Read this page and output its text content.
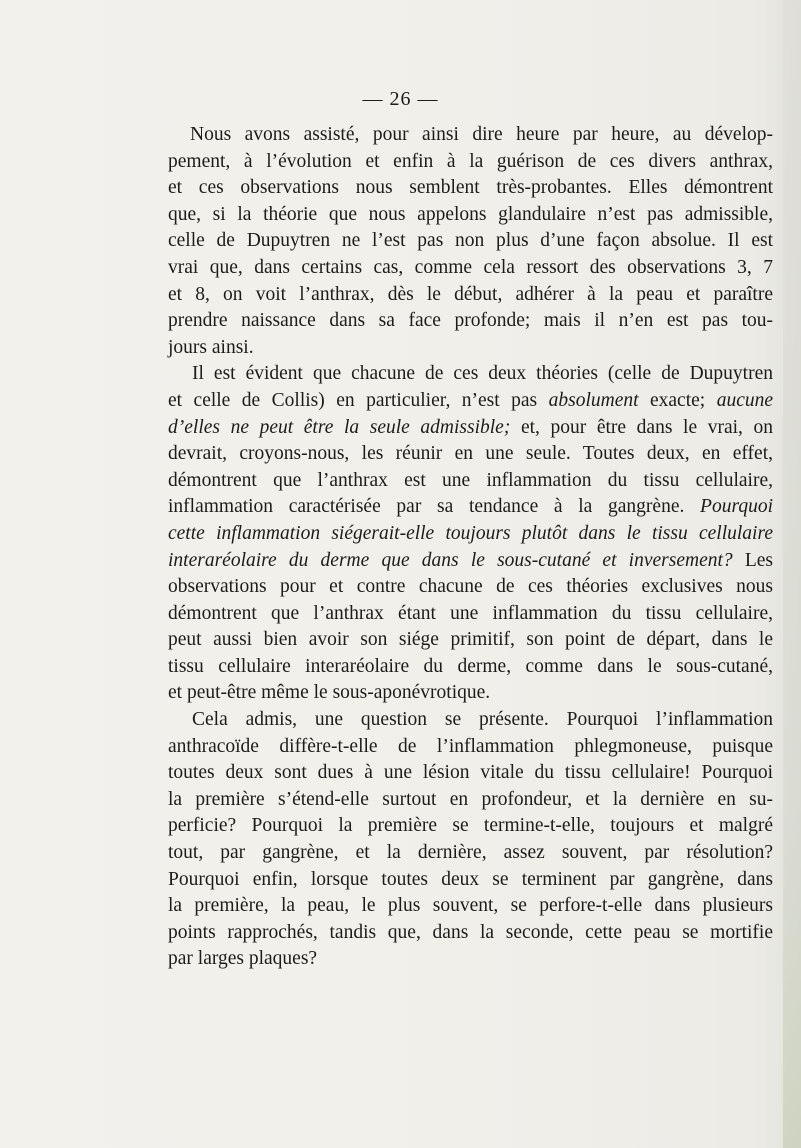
— 26 —
Nous avons assisté, pour ainsi dire heure par heure, au dévelop-
pement, à l’évolution et enfin à la guérison de ces divers anthrax,
et ces observations nous semblent très-probantes. Elles démontrent
que, si la théorie que nous appelons glandulaire n’est pas admissible,
celle de Dupuytren ne l’est pas non plus d’une façon absolue. Il est
vrai que, dans certains cas, comme cela ressort des observations 3, 7
et 8, on voit l’anthrax, dès le début, adhérer à la peau et paraître
prendre naissance dans sa face profonde; mais il n’en est pas tou-
jours ainsi.
Il est évident que chacune de ces deux théories (celle de Dupuytren
et celle de Collis) en particulier, n’est pas absolument exacte; aucune
d’elles ne peut être la seule admissible; et, pour être dans le vrai, on
devrait, croyons-nous, les réunir en une seule. Toutes deux, en effet,
démontrent que l’anthrax est une inflammation du tissu cellulaire,
inflammation caractérisée par sa tendance à la gangrène. Pourquoi
cette inflammation siégerait-elle toujours plutôt dans le tissu cellulaire
interaréolaire du derme que dans le sous-cutané et inversement? Les
observations pour et contre chacune de ces théories exclusives nous
démontrent que l’anthrax étant une inflammation du tissu cellulaire,
peut aussi bien avoir son siége primitif, son point de départ, dans le
tissu cellulaire interaréolaire du derme, comme dans le sous-cutané,
et peut-être même le sous-aponévrotique.
Cela admis, une question se présente. Pourquoi l’inflammation
anthracoïde diffère-t-elle de l’inflammation phlegmoneuse, puisque
toutes deux sont dues à une lésion vitale du tissu cellulaire! Pourquoi
la première s’étend-elle surtout en profondeur, et la dernière en su-
perficie? Pourquoi la première se termine-t-elle, toujours et malgré
tout, par gangrène, et la dernière, assez souvent, par résolution?
Pourquoi enfin, lorsque toutes deux se terminent par gangrène, dans
la première, la peau, le plus souvent, se perfore-t-elle dans plusieurs
points rapprochés, tandis que, dans la seconde, cette peau se mortifie
par larges plaques?
